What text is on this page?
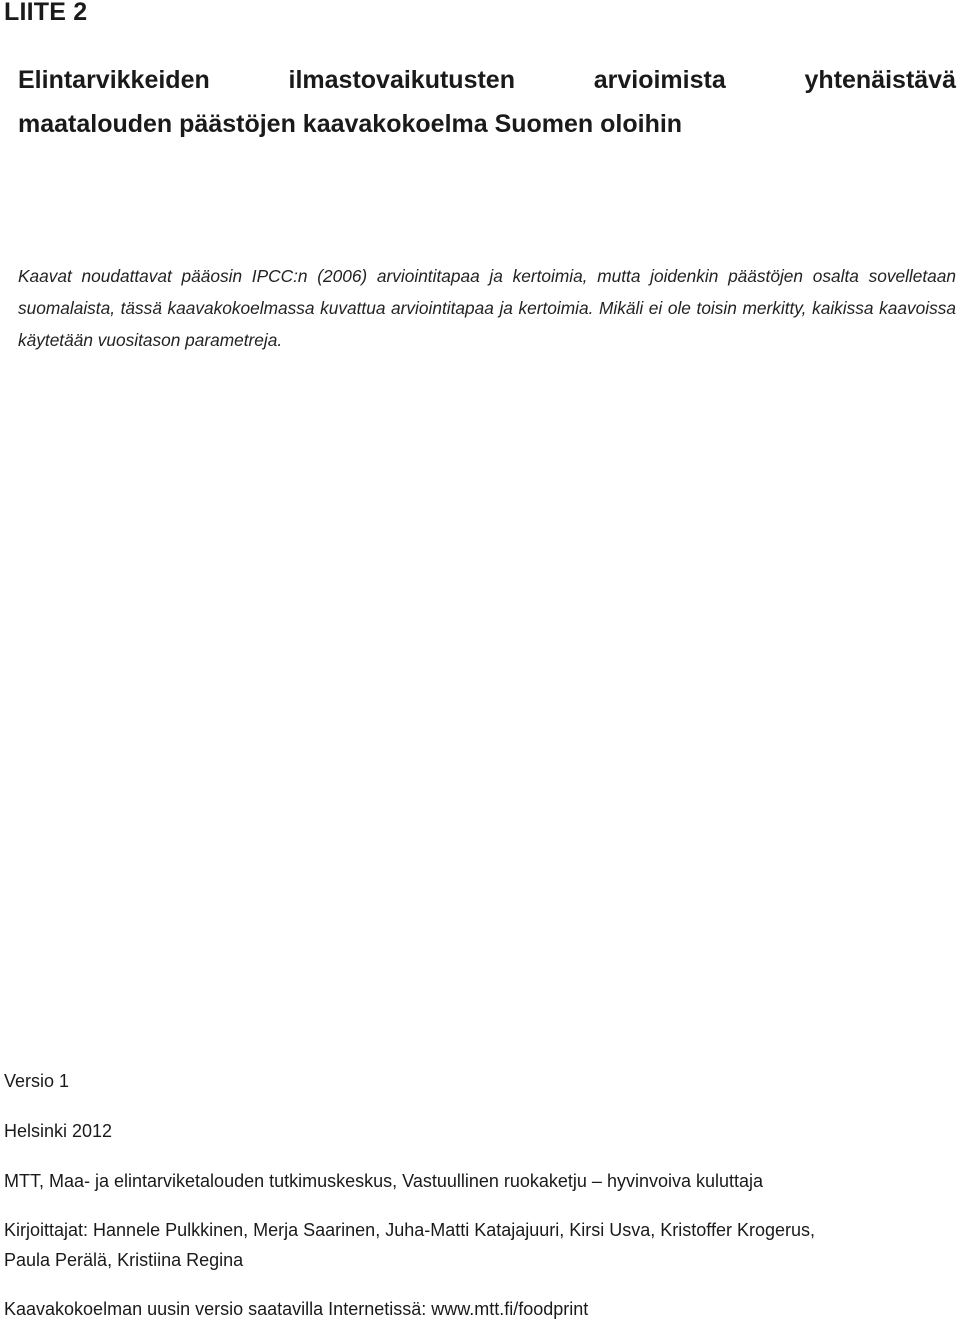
LIITE 2
Elintarvikkeiden	ilmastovaikutusten	arvioimista	yhtenäistävä
maatalouden päästöjen kaavakokoelma Suomen oloihin

Kaavat noudattavat pääosin IPCC:n (2006) arviointitapaa ja kertoimia, mutta joidenkin päästöjen osalta sovelletaan suomalaista, tässä kaavakokoelmassa kuvattua arviointitapaa ja kertoimia. Mikäli ei ole toisin merkitty, kaikissa kaavoissa käytetään vuositason parametreja.

Versio 1
Helsinki 2012
MTT, Maa- ja elintarviketalouden tutkimuskeskus, Vastuullinen ruokaketju – hyvinvoiva kuluttaja
Kirjoittajat: Hannele Pulkkinen, Merja Saarinen, Juha-Matti Katajajuuri, Kirsi Usva, Kristoffer Krogerus,
Paula Perälä, Kristiina Regina
Kaavakokoelman uusin versio saatavilla Internetissä: www.mtt.fi/foodprint
